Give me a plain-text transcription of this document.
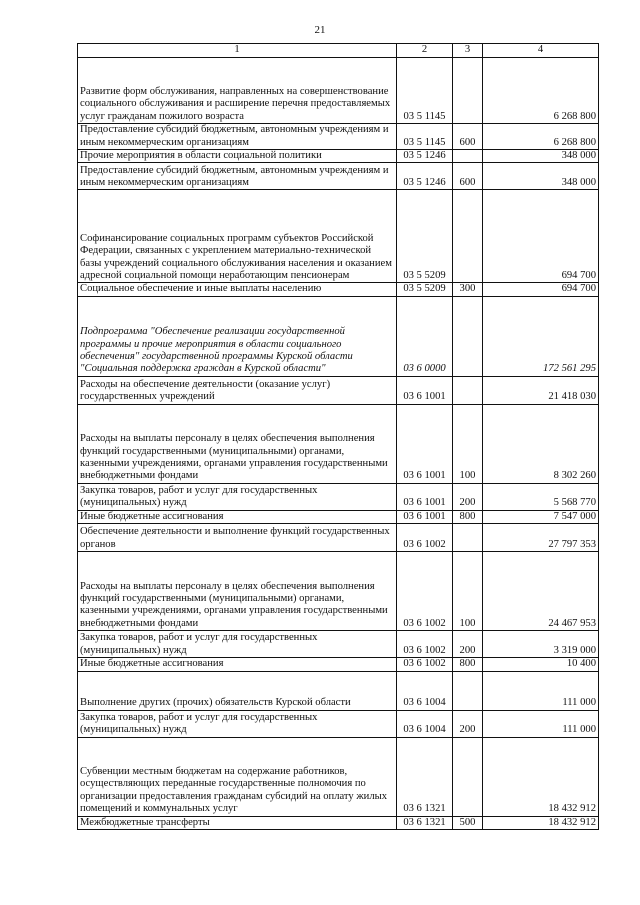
21
1	2	3	4
Развитие форм обслуживания, направленных на совершенствование социального обслуживания и расширение перечня предоставляемых услуг гражданам пожилого возраста	03 5 1145		6 268 800
Предоставление субсидий бюджетным, автономным учреждениям и иным некоммерческим организациям	03 5 1145	600	6 268 800
Прочие мероприятия в области социальной политики	03 5 1246		348 000
Предоставление субсидий бюджетным, автономным учреждениям и иным некоммерческим организациям	03 5 1246	600	348 000
Софинансирование социальных программ субъектов Российской Федерации, связанных с укреплением материально-технической базы учреждений социального обслуживания населения и оказанием адресной социальной помощи неработающим пенсионерам	03 5 5209		694 700
Социальное обеспечение и иные выплаты населению	03 5 5209	300	694 700
Подпрограмма "Обеспечение реализации государственной программы и прочие мероприятия в области социального обеспечения" государственной программы Курской области "Социальная поддержка граждан в Курской области"	03 6 0000		172 561 295
Расходы на обеспечение деятельности (оказание услуг) государственных учреждений	03 6 1001		21 418 030
Расходы на выплаты персоналу в целях обеспечения выполнения функций государственными (муниципальными) органами, казенными учреждениями, органами управления государственными внебюджетными фондами	03 6 1001	100	8 302 260
Закупка товаров, работ и услуг для государственных (муниципальных) нужд	03 6 1001	200	5 568 770
Иные бюджетные ассигнования	03 6 1001	800	7 547 000
Обеспечение деятельности и выполнение функций государственных органов	03 6 1002		27 797 353
Расходы на выплаты персоналу в целях обеспечения выполнения функций государственными (муниципальными) органами, казенными учреждениями, органами управления государственными внебюджетными фондами	03 6 1002	100	24 467 953
Закупка товаров, работ и услуг для государственных (муниципальных) нужд	03 6 1002	200	3 319 000
Иные бюджетные ассигнования	03 6 1002	800	10 400
Выполнение других (прочих) обязательств Курской области	03 6 1004		111 000
Закупка товаров, работ и услуг для государственных (муниципальных) нужд	03 6 1004	200	111 000
Субвенции местным бюджетам на содержание работников, осуществляющих переданные государственные полномочия по организации предоставления гражданам субсидий на оплату жилых помещений и коммунальных услуг	03 6 1321		18 432 912
Межбюджетные трансферты	03 6 1321	500	18 432 912
